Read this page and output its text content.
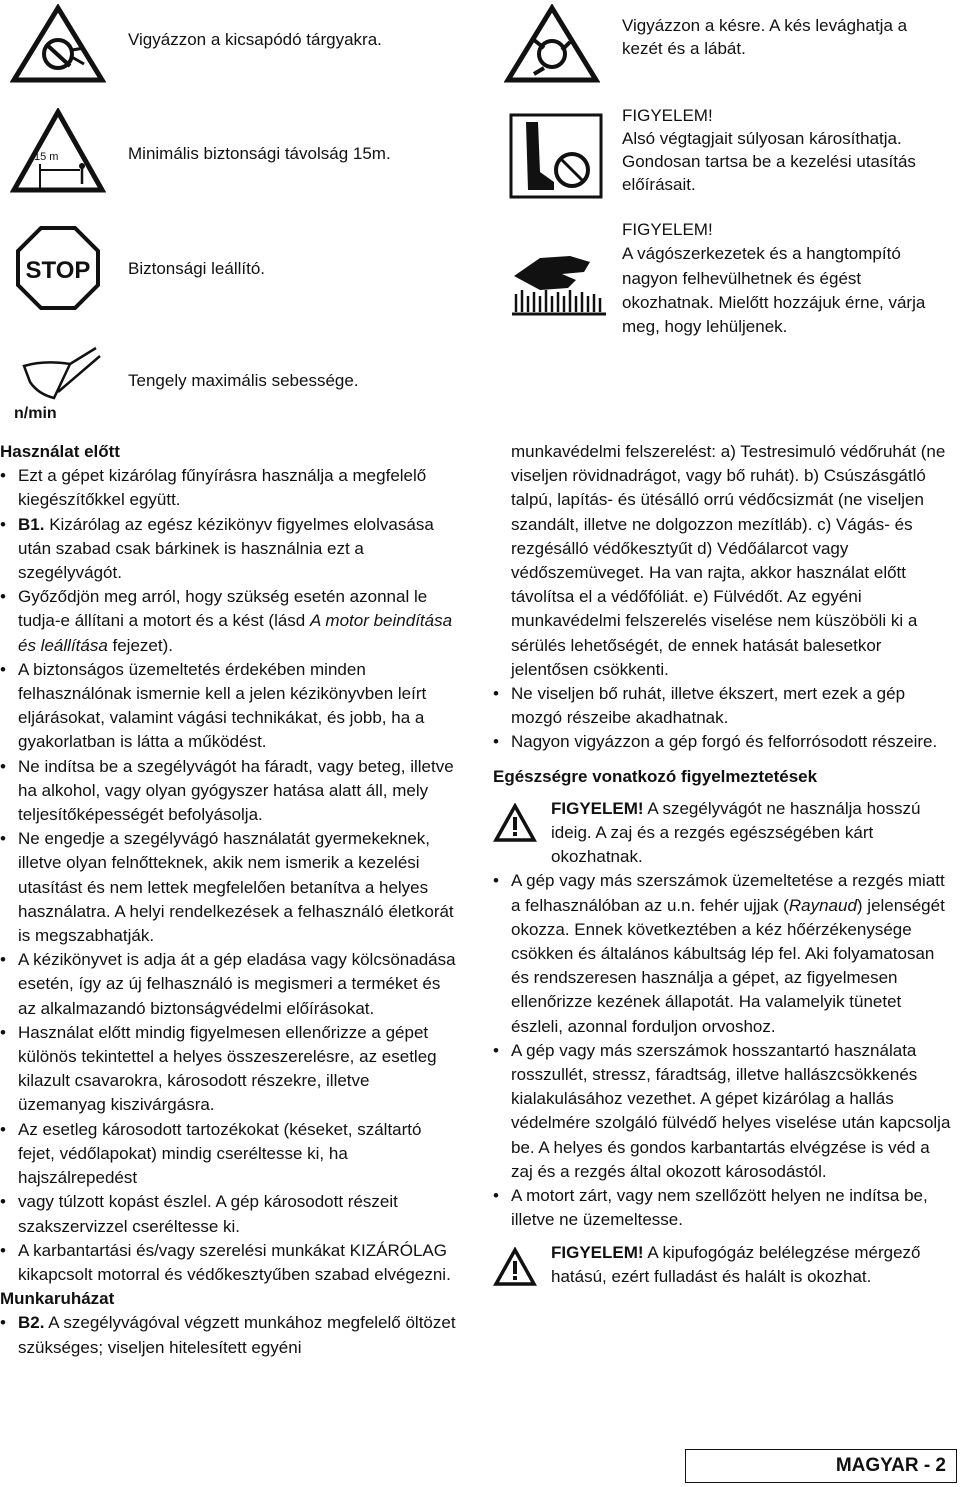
Vigyázzon a kicsapódó tárgyakra.
15 m	Minimális biztonsági távolság 15m.
STOP Biztonsági leállító.
n/min
Tengely maximális sebessége.
Vigyázzon a késre. A kés levághatja a
kezét és a lábát.
FIGYELEM!
Alsó végtagjait súlyosan károsíthatja.
Gondosan tartsa be a kezelési utasítás
előírásait.
FIGYELEM!
A vágószerkezetek és a hangtompító
nagyon felhevülhetnek és égést
okozhatnak. Mielőtt hozzájuk érne, várja
meg, hogy lehüljenek.

Használat előtt

• Ezt a gépet kizárólag fűnyírásra használja a megfelelő kiegészítőkkel együtt.
• B1. Kizárólag az egész kézikönyv figyelmes elolvasása után szabad csak bárkinek is használnia ezt a szegélyvágót.
• Győződjön meg arról, hogy szükség esetén azonnal le tudja-e állítani a motort és a kést (lásd A motor beindítása és leállítása fejezet).
• A biztonságos üzemeltetés érdekében minden felhasználónak ismernie kell a jelen kézikönyvben leírt eljárásokat, valamint vágási technikákat, és jobb, ha a gyakorlatban is látta a működést.
• Ne indítsa be a szegélyvágót ha fáradt, vagy beteg, illetve ha alkohol, vagy olyan gyógyszer hatása alatt áll, mely teljesítőképességét befolyásolja.
• Ne engedje a szegélyvágó használatát gyermekeknek, illetve olyan felnőtteknek, akik nem ismerik a kezelési utasítást és nem lettek megfelelően betanítva a helyes használatra. A helyi rendelkezések a felhasználó életkorát is megszabhatják.
• A kézikönyvet is adja át a gép eladása vagy kölcsönadása esetén, így az új felhasználó is megismeri a terméket és az alkalmazandó biztonságvédelmi előírásokat.
• Használat előtt mindig figyelmesen ellenőrizze a gépet különös tekintettel a helyes összeszerelésre, az esetleg kilazult csavarokra, károsodott részekre, illetve üzemanyag kiszivárgásra.
• Az esetleg károsodott tartozékokat (késeket, száltartó fejet, védőlapokat) mindig cseréltesse ki, ha hajszálrepedést
• vagy túlzott kopást észlel. A gép károsodott részeit szakszervizzel cseréltesse ki.
• A karbantartási és/vagy szerelési munkákat KIZÁRÓLAG kikapcsolt motorral és védőkesztyűben szabad elvégezni.

Munkaruházat

• B2. A szegélyvágóval végzett munkához megfelelő öltözet szükséges; viseljen hitelesített egyéni

munkavédelmi felszerelést: a) Testresimuló védőruhát (ne viseljen rövidnadrágot, vagy bő ruhát). b) Csúszásgátló talpú, lapítás- és ütésálló orrú védőcsizmát (ne viseljen szandált, illetve ne dolgozzon mezítláb). c) Vágás- és rezgésálló védőkesztyűt d) Védőálarcot vagy védőszemüveget. Ha van rajta, akkor használat előtt távolítsa el a védőfóliát. e) Fülvédőt. Az egyéni munkavédelmi felszerelés viselése nem küszöböli ki a sérülés lehetőségét, de ennek hatását balesetkor jelentősen csökkenti.

• Ne viseljen bő ruhát, illetve ékszert, mert ezek a gép mozgó részeibe akadhatnak.
• Nagyon vigyázzon a gép forgó és felforrósodott részeire.

Egészségre vonatkozó figyelmeztetések

FIGYELEM! A szegélyvágót ne használja hosszú ideig. A zaj és a rezgés egészségében kárt okozhatnak.
• A gép vagy más szerszámok üzemeltetése a rezgés miatt a felhasználóban az u.n. fehér ujjak (Raynaud) jelenségét okozza. Ennek következtében a kéz hőérzékenysége csökken és általános kábultság lép fel. Aki folyamatosan és rendszeresen használja a gépet, az figyelmesen ellenőrizze kezének állapotát. Ha valamelyik tünetet észleli, azonnal forduljon orvoshoz.
• A gép vagy más szerszámok hosszantartó használata rosszullét, stressz, fáradtság, illetve hallászcsökkenés kialakulásához vezethet. A gépet kizárólag a hallás védelmére szolgáló fülvédő helyes viselése után kapcsolja be. A helyes és gondos karbantartás elvégzése is véd a zaj és a rezgés által okozott károsodástól.
• A motort zárt, vagy nem szellőzött helyen ne indítsa be, illetve ne üzemeltesse.
FIGYELEM! A kipufogógáz belélegzése mérgező hatású, ezért fulladást és halált is okozhat.
MAGYAR - 2
